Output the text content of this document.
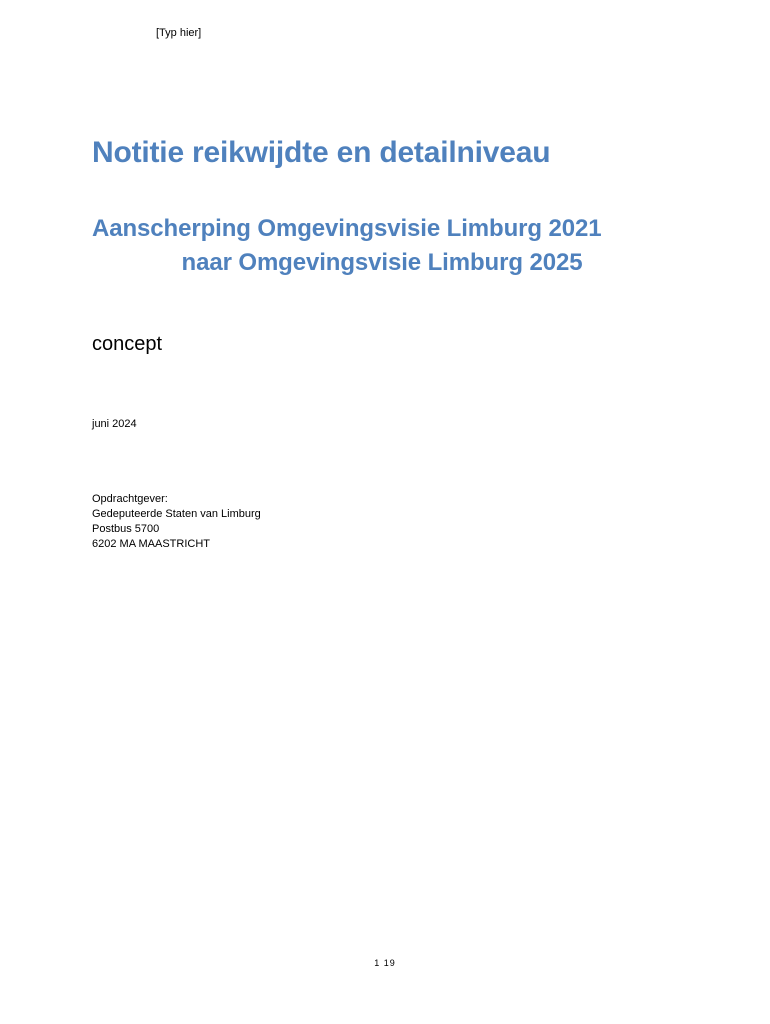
[Typ hier]
Notitie reikwijdte en detailniveau
Aanscherping Omgevingsvisie Limburg 2021
naar Omgevingsvisie Limburg 2025
concept
juni 2024
Opdrachtgever:
Gedeputeerde Staten van Limburg
Postbus 5700
6202 MA MAASTRICHT
1 19
